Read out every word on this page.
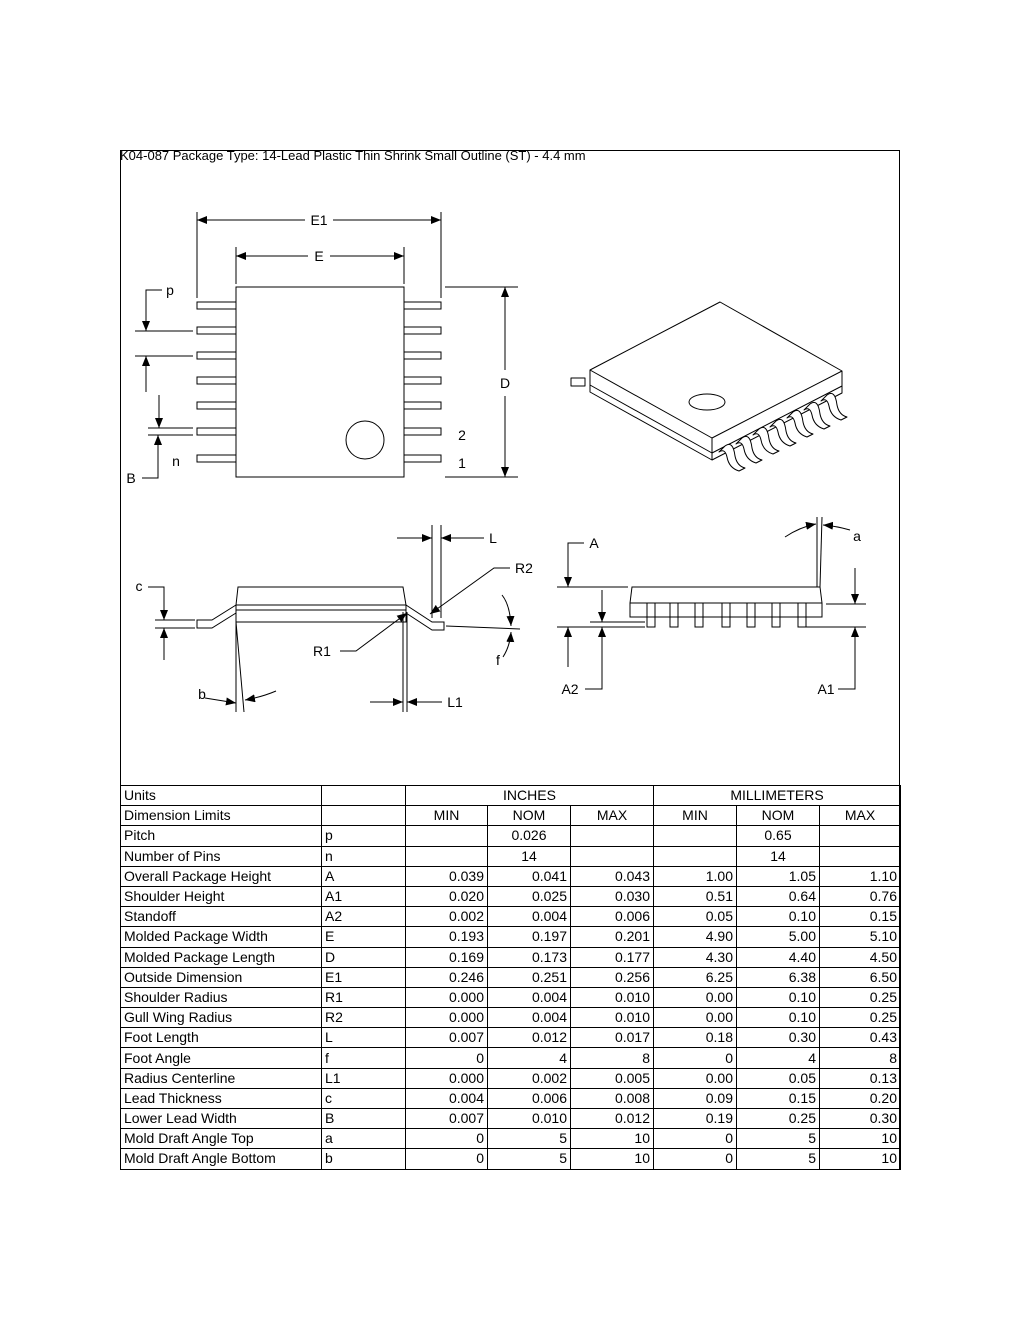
K04-087 Package Type: 14-Lead Plastic Thin Shrink Small Outline (ST) - 4.4 mm
E1
E
p
D
2
1
n
B
L	A	a
R2
c
R1
f
b	L1
A2	A1
Units		INCHES			MILLIMETERS		
Dimension Limits		MIN	NOM	MAX	MIN	NOM	MAX
Pitch	p		0.026			0.65	
Number of Pins	n		14			14	
Overall Package Height	A	0.039	0.041	0.043	1.00	1.05	1.10
Shoulder Height	A1	0.020	0.025	0.030	0.51	0.64	0.76
Standoff	A2	0.002	0.004	0.006	0.05	0.10	0.15
Molded Package Width	E	0.193	0.197	0.201	4.90	5.00	5.10
Molded Package Length	D	0.169	0.173	0.177	4.30	4.40	4.50
Outside Dimension	E1	0.246	0.251	0.256	6.25	6.38	6.50
Shoulder Radius	R1	0.000	0.004	0.010	0.00	0.10	0.25
Gull Wing Radius	R2	0.000	0.004	0.010	0.00	0.10	0.25
Foot Length	L	0.007	0.012	0.017	0.18	0.30	0.43
Foot Angle	f	0	4	8	0	4	8
Radius Centerline	L1	0.000	0.002	0.005	0.00	0.05	0.13
Lead Thickness	c	0.004	0.006	0.008	0.09	0.15	0.20
Lower Lead Width	B	0.007	0.010	0.012	0.19	0.25	0.30
Mold Draft Angle Top	a	0	5	10	0	5	10
Mold Draft Angle Bottom	b	0	5	10	0	5	10
